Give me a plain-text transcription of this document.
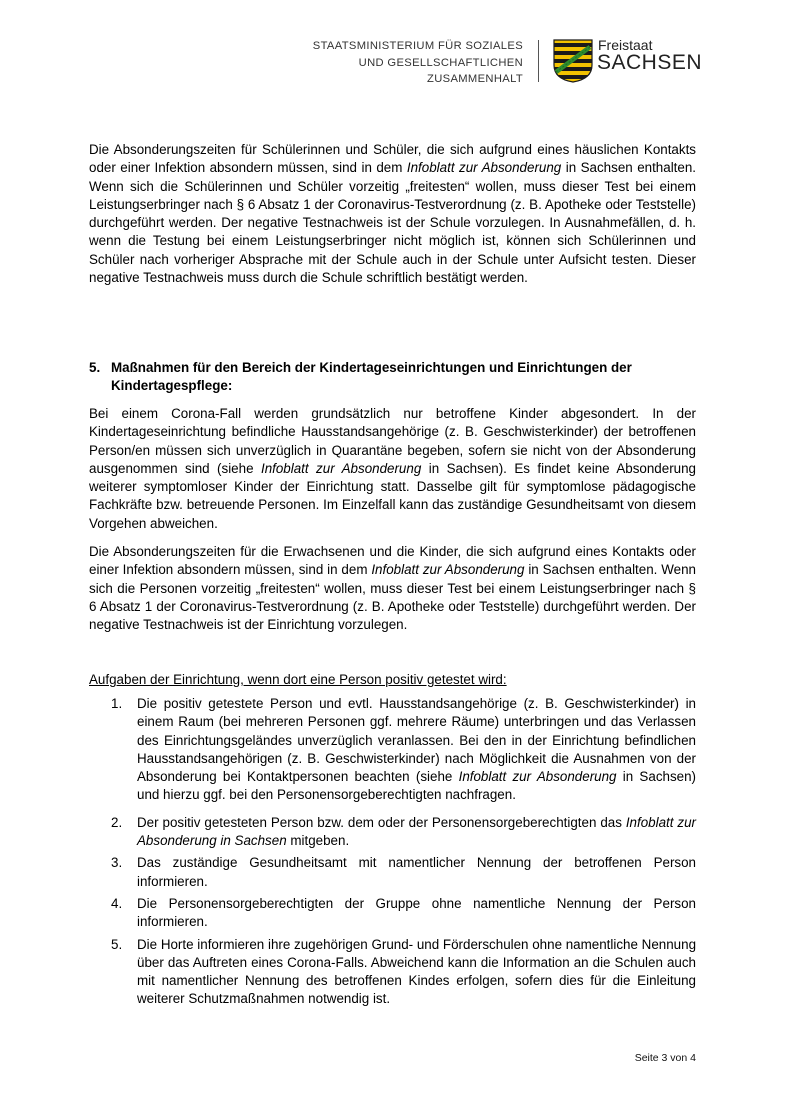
STAATSMINISTERIUM FÜR SOZIALES
UND GESELLSCHAFTLICHEN
ZUSAMMENHALT
Freistaat
SACHSEN

Die Absonderungszeiten für Schülerinnen und Schüler, die sich aufgrund eines häuslichen Kontakts oder einer Infektion absondern müssen, sind in dem Infoblatt zur Absonderung in Sachsen enthalten. Wenn sich die Schülerinnen und Schüler vorzeitig „freitesten“ wollen, muss dieser Test bei einem Leistungserbringer nach § 6 Absatz 1 der Coronavirus-Testverordnung (z. B. Apotheke oder Teststelle) durchgeführt werden. Der negative Testnachweis ist der Schule vorzulegen. In Ausnahmefällen, d. h. wenn die Testung bei einem Leistungserbringer nicht möglich ist, können sich Schülerinnen und Schüler nach vorheriger Absprache mit der Schule auch in der Schule unter Aufsicht testen. Dieser negative Testnachweis muss durch die Schule schriftlich bestätigt werden.

5. Maßnahmen für den Bereich der Kindertageseinrichtungen und Einrichtungen der Kindertagespflege:

Bei einem Corona-Fall werden grundsätzlich nur betroffene Kinder abgesondert. In der Kindertageseinrichtung befindliche Hausstandsangehörige (z. B. Geschwisterkinder) der betroffenen Person/en müssen sich unverzüglich in Quarantäne begeben, sofern sie nicht von der Absonderung ausgenommen sind (siehe Infoblatt zur Absonderung in Sachsen). Es findet keine Absonderung weiterer symptomloser Kinder der Einrichtung statt. Dasselbe gilt für symptomlose pädagogische Fachkräfte bzw. betreuende Personen. Im Einzelfall kann das zuständige Gesundheitsamt von diesem Vorgehen abweichen.

Die Absonderungszeiten für die Erwachsenen und die Kinder, die sich aufgrund eines Kontakts oder einer Infektion absondern müssen, sind in dem Infoblatt zur Absonderung in Sachsen enthalten. Wenn sich die Personen vorzeitig „freitesten“ wollen, muss dieser Test bei einem Leistungserbringer nach § 6 Absatz 1 der Coronavirus-Testverordnung (z. B. Apotheke oder Teststelle) durchgeführt werden. Der negative Testnachweis ist der Einrichtung vorzulegen.

Aufgaben der Einrichtung, wenn dort eine Person positiv getestet wird:
1. Die positiv getestete Person und evtl. Hausstandsangehörige (z. B. Geschwisterkinder) in einem Raum (bei mehreren Personen ggf. mehrere Räume) unterbringen und das Verlassen des Einrichtungsgeländes unverzüglich veranlassen. Bei den in der Einrichtung befindlichen Hausstandsangehörigen (z. B. Geschwisterkinder) nach Möglichkeit die Ausnahmen von der Absonderung bei Kontaktpersonen beachten (siehe Infoblatt zur Absonderung in Sachsen) und hierzu ggf. bei den Personensorgeberechtigten nachfragen.
2. Der positiv getesteten Person bzw. dem oder der Personensorgeberechtigten das Infoblatt zur Absonderung in Sachsen mitgeben.
3. Das zuständige Gesundheitsamt mit namentlicher Nennung der betroffenen Person informieren.
4. Die Personensorgeberechtigten der Gruppe ohne namentliche Nennung der Person informieren.
5. Die Horte informieren ihre zugehörigen Grund- und Förderschulen ohne namentliche Nennung über das Auftreten eines Corona-Falls. Abweichend kann die Information an die Schulen auch mit namentlicher Nennung des betroffenen Kindes erfolgen, sofern dies für die Einleitung weiterer Schutzmaßnahmen notwendig ist.
Seite 3 von 4
